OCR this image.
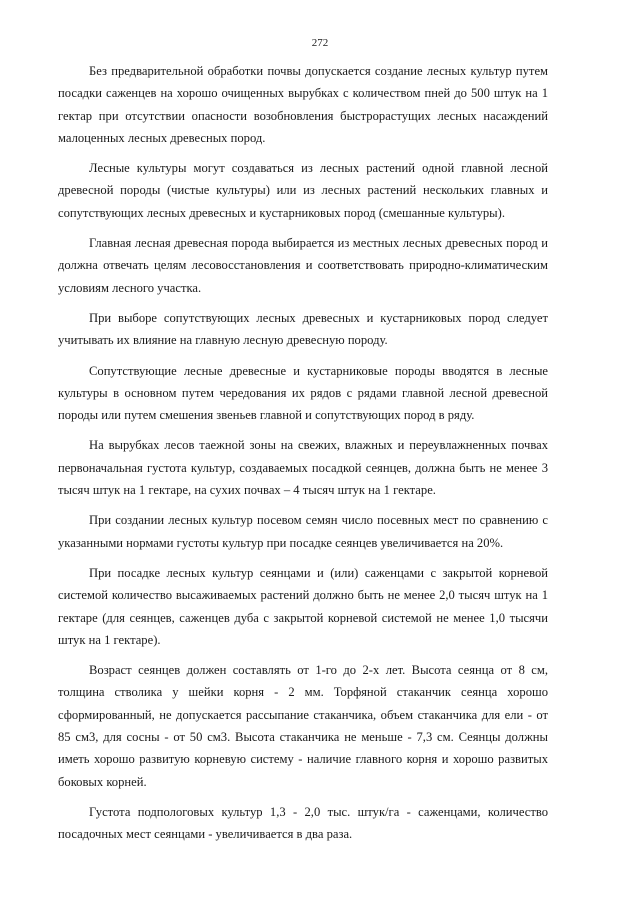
272

Без предварительной обработки почвы допускается создание лесных культур путем посадки саженцев на хорошо очищенных вырубках с количеством пней до 500 штук на 1 гектар при отсутствии опасности возобновления быстрорастущих лесных насаждений малоценных лесных древесных пород.

Лесные культуры могут создаваться из лесных растений одной главной лесной древесной породы (чистые культуры) или из лесных растений нескольких главных и сопутствующих лесных древесных и кустарниковых пород (смешанные культуры).

Главная лесная древесная порода выбирается из местных лесных древесных пород и должна отвечать целям лесовосстановления и соответствовать природно-климатическим условиям лесного участка.

При выборе сопутствующих лесных древесных и кустарниковых пород следует учитывать их влияние на главную лесную древесную породу.

Сопутствующие лесные древесные и кустарниковые породы вводятся в лесные культуры в основном путем чередования их рядов с рядами главной лесной древесной породы или путем смешения звеньев главной и сопутствующих пород в ряду.

На вырубках лесов таежной зоны на свежих, влажных и переувлажненных почвах первоначальная густота культур, создаваемых посадкой сеянцев, должна быть не менее 3 тысяч штук на 1 гектаре, на сухих почвах – 4 тысяч штук на 1 гектаре.

При создании лесных культур посевом семян число посевных мест по сравнению с указанными нормами густоты культур при посадке сеянцев увеличивается на 20%.

При посадке лесных культур сеянцами и (или) саженцами с закрытой корневой системой количество высаживаемых растений должно быть не менее 2,0 тысяч штук на 1 гектаре (для сеянцев, саженцев дуба с закрытой корневой системой не менее 1,0 тысячи штук на 1 гектаре).

Возраст сеянцев должен составлять от 1-го до 2-х лет. Высота сеянца от 8 см, толщина стволика у шейки корня - 2 мм. Торфяной стаканчик сеянца хорошо сформированный, не допускается рассыпание стаканчика, объем стаканчика для ели - от 85 см3, для сосны - от 50 см3. Высота стаканчика не меньше - 7,3 см. Сеянцы должны иметь хорошо развитую корневую систему - наличие главного корня и хорошо развитых боковых корней.

Густота подпологовых культур 1,3 - 2,0 тыс. штук/га - саженцами, количество посадочных мест сеянцами - увеличивается в два раза.
